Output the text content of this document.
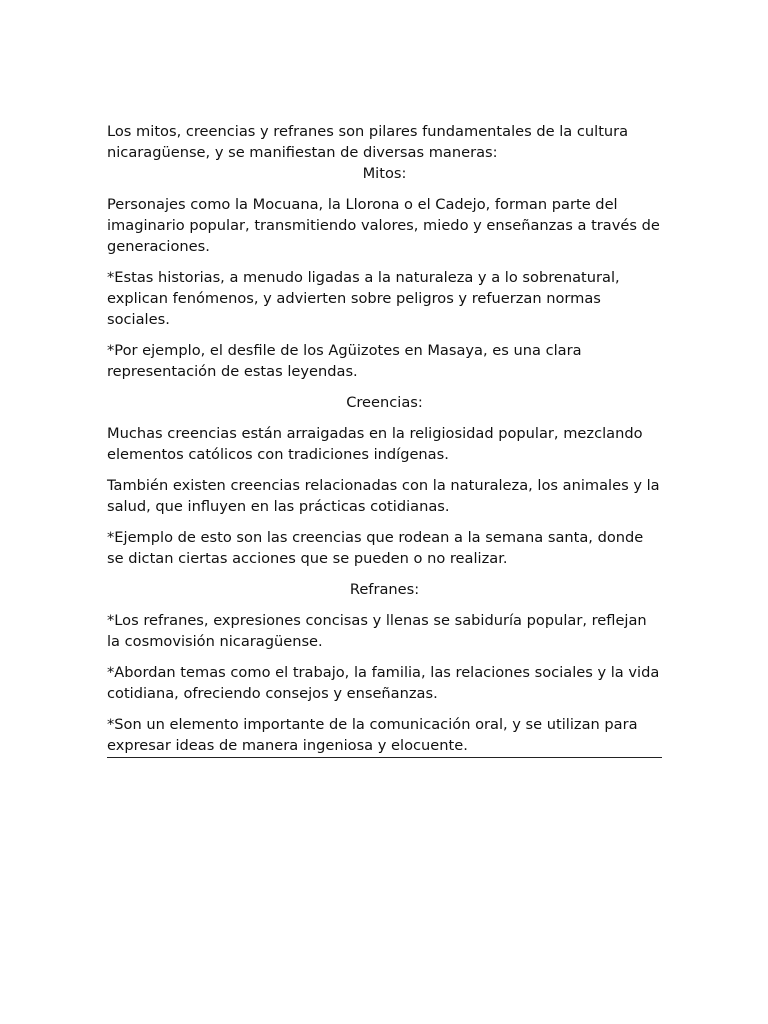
Los mitos, creencias y refranes son pilares fundamentales de la cultura nicaragüense, y se manifiestan de diversas maneras:

Mitos:

Personajes como la Mocuana, la Llorona o el Cadejo, forman parte del imaginario popular, transmitiendo valores, miedo y enseñanzas a través de generaciones.

*Estas historias, a menudo ligadas a la naturaleza y a lo sobrenatural, explican fenómenos, y advierten sobre peligros y refuerzan normas sociales.

*Por ejemplo, el desfile de los Agüizotes en Masaya, es una clara representación de estas leyendas.

Creencias:

Muchas creencias están arraigadas en la religiosidad popular, mezclando elementos católicos con tradiciones indígenas.

También existen creencias relacionadas con la naturaleza, los animales y la salud, que influyen en las prácticas cotidianas.

*Ejemplo de esto son las creencias que rodean a la semana santa, donde se dictan ciertas acciones que se pueden o no realizar.

Refranes:

*Los refranes, expresiones concisas y llenas se sabiduría popular, reflejan la cosmovisión nicaragüense.

*Abordan temas como el trabajo, la familia, las relaciones sociales y la vida cotidiana, ofreciendo consejos y enseñanzas.

*Son un elemento importante de la comunicación oral, y se utilizan para expresar ideas de manera ingeniosa y elocuente.
